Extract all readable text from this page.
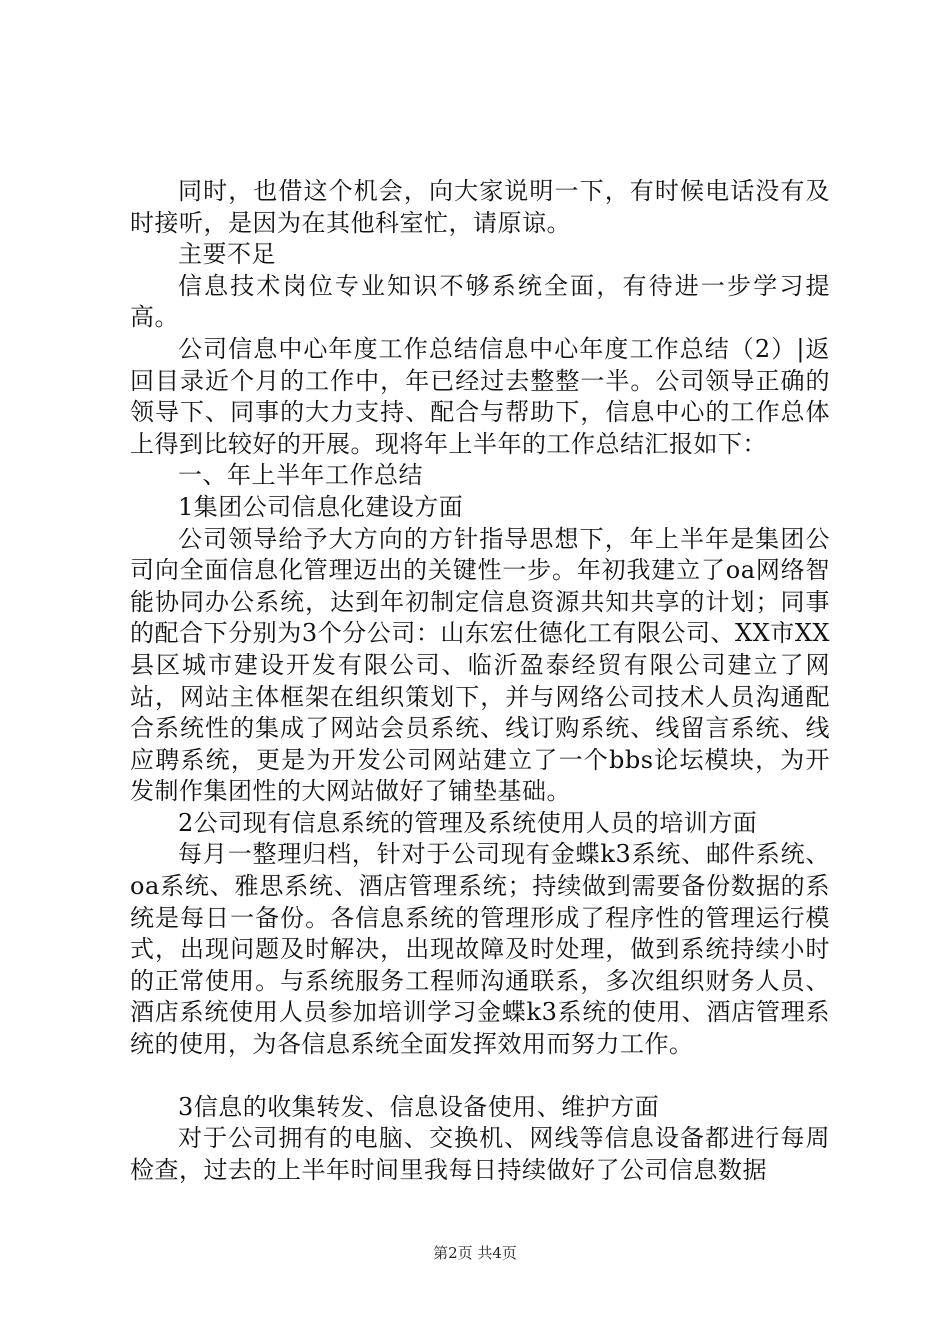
同时，也借这个机会，向大家说明一下，有时候电话没有及时接听，是因为在其他科室忙，请原谅。

主要不足

信息技术岗位专业知识不够系统全面，有待进一步学习提高。

公司信息中心年度工作总结信息中心年度工作总结（2）|返回目录近个月的工作中，年已经过去整整一半。公司领导正确的领导下、同事的大力支持、配合与帮助下，信息中心的工作总体上得到比较好的开展。现将年上半年的工作总结汇报如下：

一、年上半年工作总结

1集团公司信息化建设方面

公司领导给予大方向的方针指导思想下，年上半年是集团公司向全面信息化管理迈出的关键性一步。年初我建立了oa网络智能协同办公系统，达到年初制定信息资源共知共享的计划；同事的配合下分别为3个分公司：山东宏仕德化工有限公司、XX市XX县区城市建设开发有限公司、临沂盈泰经贸有限公司建立了网站，网站主体框架在组织策划下，并与网络公司技术人员沟通配合系统性的集成了网站会员系统、线订购系统、线留言系统、线应聘系统，更是为开发公司网站建立了一个bbs论坛模块，为开发制作集团性的大网站做好了铺垫基础。

2公司现有信息系统的管理及系统使用人员的培训方面

每月一整理归档，针对于公司现有金蝶k3系统、邮件系统、oa系统、雅思系统、酒店管理系统；持续做到需要备份数据的系统是每日一备份。各信息系统的管理形成了程序性的管理运行模式，出现问题及时解决，出现故障及时处理，做到系统持续小时的正常使用。与系统服务工程师沟通联系，多次组织财务人员、酒店系统使用人员参加培训学习金蝶k3系统的使用、酒店管理系统的使用，为各信息系统全面发挥效用而努力工作。

3信息的收集转发、信息设备使用、维护方面

对于公司拥有的电脑、交换机、网线等信息设备都进行每周检查，过去的上半年时间里我每日持续做好了公司信息数据

第2页 共4页
